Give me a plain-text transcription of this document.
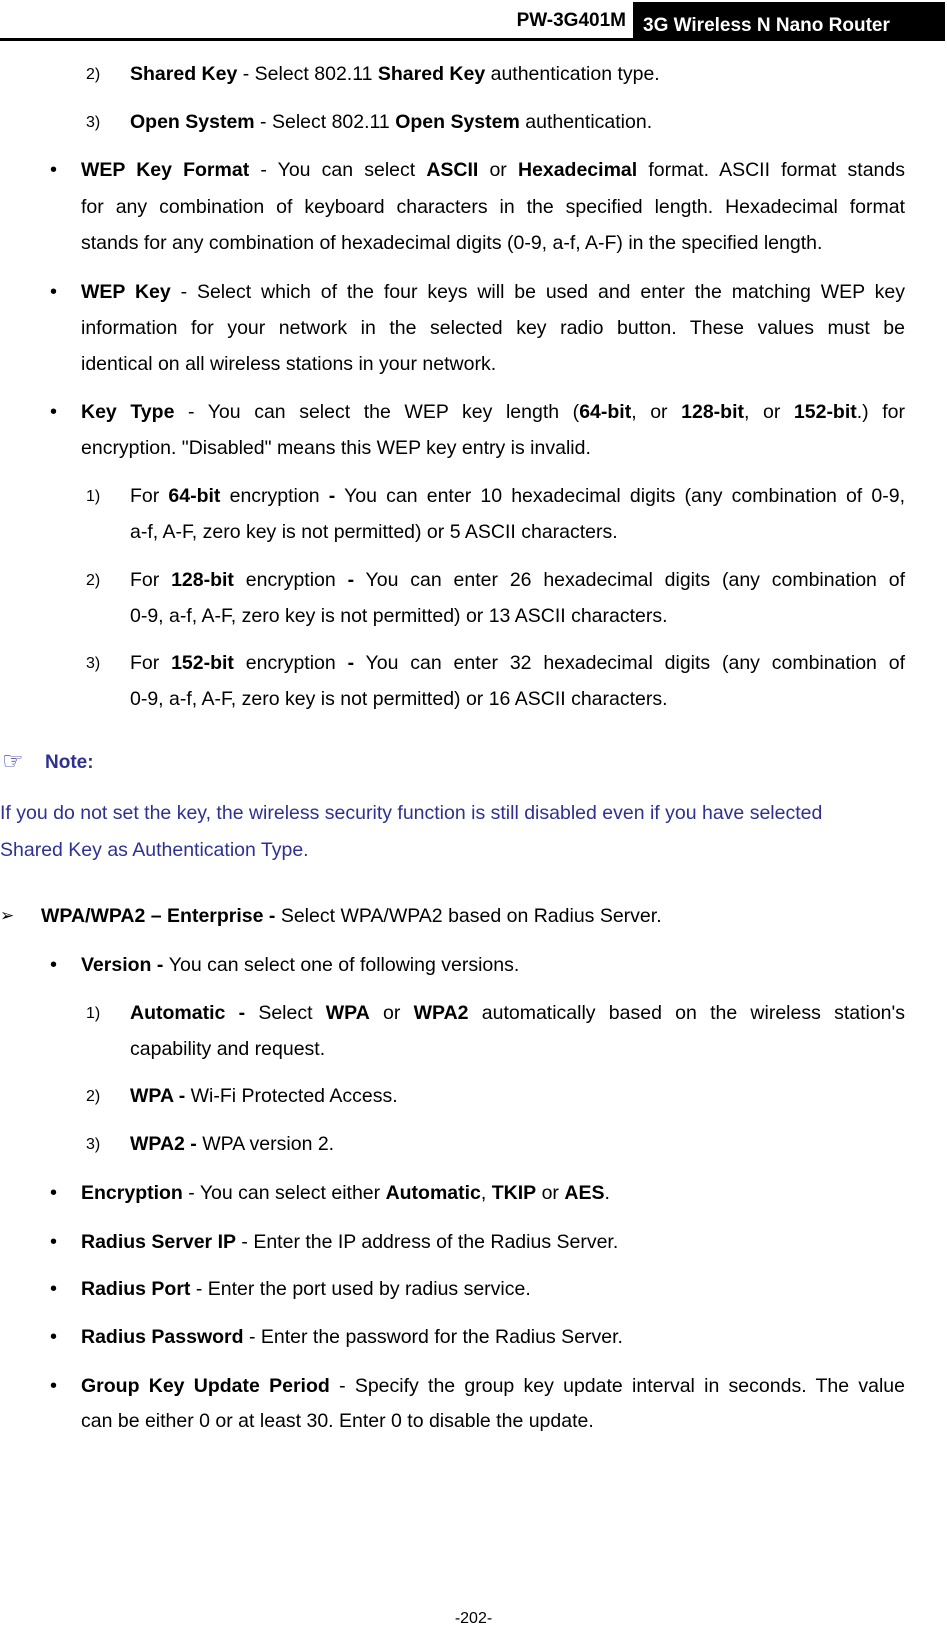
PW-3G401M 3G Wireless N Nano Router
2) Shared Key - Select 802.11 Shared Key authentication type.
3) Open System - Select 802.11 Open System authentication.
• WEP Key Format - You can select ASCII or Hexadecimal format. ASCII format stands
for any combination of keyboard characters in the specified length. Hexadecimal format
stands for any combination of hexadecimal digits (0-9, a-f, A-F) in the specified length.
• WEP Key - Select which of the four keys will be used and enter the matching WEP key
information for your network in the selected key radio button. These values must be
identical on all wireless stations in your network.
• Key Type - You can select the WEP key length (64-bit, or 128-bit, or 152-bit.) for
encryption. "Disabled" means this WEP key entry is invalid.
1) For 64-bit encryption - You can enter 10 hexadecimal digits (any combination of 0-9,
a-f, A-F, zero key is not permitted) or 5 ASCII characters.
2) For 128-bit encryption - You can enter 26 hexadecimal digits (any combination of
0-9, a-f, A-F, zero key is not permitted) or 13 ASCII characters.
3) For 152-bit encryption - You can enter 32 hexadecimal digits (any combination of
0-9, a-f, A-F, zero key is not permitted) or 16 ASCII characters.
☞ Note:
If you do not set the key, the wireless security function is still disabled even if you have selected
Shared Key as Authentication Type.
➢ WPA/WPA2 – Enterprise - Select WPA/WPA2 based on Radius Server.
• Version - You can select one of following versions.
1) Automatic - Select WPA or WPA2 automatically based on the wireless station's
capability and request.
2) WPA - Wi-Fi Protected Access.
3) WPA2 - WPA version 2.
• Encryption - You can select either Automatic, TKIP or AES.
• Radius Server IP - Enter the IP address of the Radius Server.
• Radius Port - Enter the port used by radius service.
• Radius Password - Enter the password for the Radius Server.
• Group Key Update Period - Specify the group key update interval in seconds. The value
can be either 0 or at least 30. Enter 0 to disable the update.
-202-
